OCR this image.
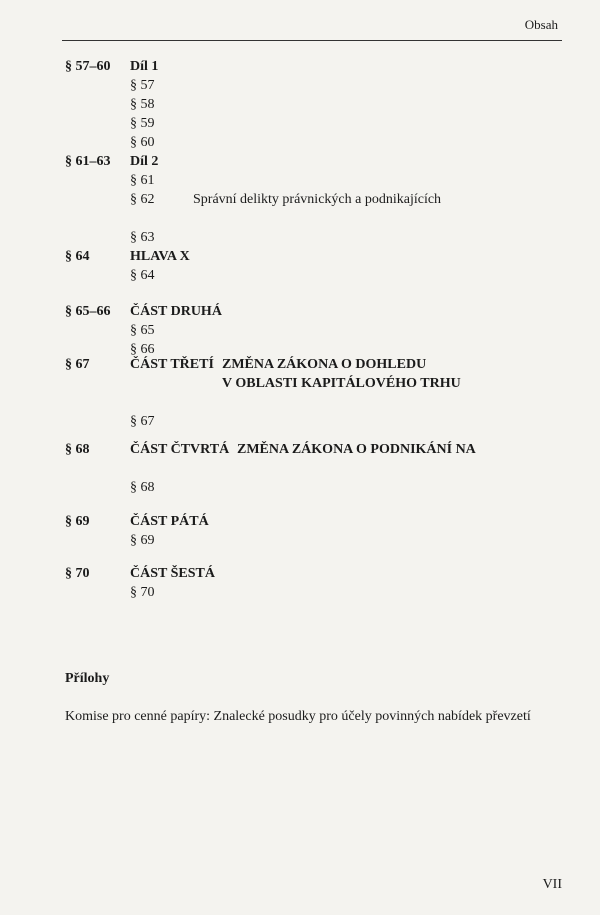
Obsah
§ 57–60 Díl 1
§ 57
§ 58
§ 59
§ 60
§ 61–63 Díl 2
§ 61
§ 62	Správní delikty právnických a podnikajících
§ 63
§ 64	HLAVA X
§ 64
§ 65–66 ČÁST DRUHÁ
§ 65
§ 66
§ 67	ČÁST TŘETÍ ZMĚNA ZÁKONA O DOHLEDU
V OBLASTI KAPITÁLOVÉHO TRHU
§ 67
§ 68	ČÁST ČTVRTÁ ZMĚNA ZÁKONA O PODNIKÁNÍ NA
§ 68
§ 69	ČÁST PÁTÁ
§ 69
§ 70	ČÁST ŠESTÁ
§ 70
Přílohy
Komise pro cenné papíry: Znalecké posudky pro účely povinných nabídek převzetí
VII
